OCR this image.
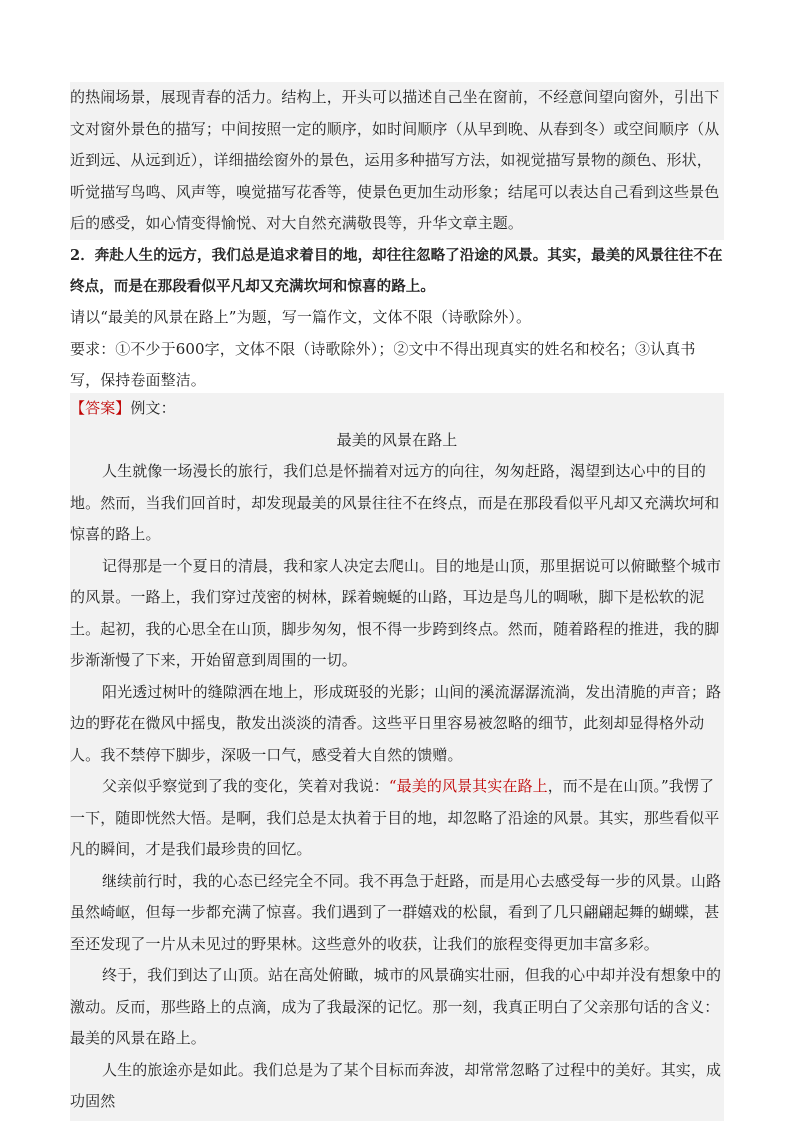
的热闹场景，展现青春的活力。结构上，开头可以描述自己坐在窗前，不经意间望向窗外，引出下文对窗外景色的描写；中间按照一定的顺序，如时间顺序（从早到晚、从春到冬）或空间顺序（从近到远、从远到近），详细描绘窗外的景色，运用多种描写方法，如视觉描写景物的颜色、形状，听觉描写鸟鸣、风声等，嗅觉描写花香等，使景色更加生动形象；结尾可以表达自己看到这些景色后的感受，如心情变得愉悦、对大自然充满敬畏等，升华文章主题。

2．奔赴人生的远方，我们总是追求着目的地，却往往忽略了沿途的风景。其实，最美的风景往往不在终点，而是在那段看似平凡却又充满坎坷和惊喜的路上。

请以“最美的风景在路上”为题，写一篇作文，文体不限（诗歌除外）。

要求：①不少于600字，文体不限（诗歌除外）；②文中不得出现真实的姓名和校名；③认真书写，保持卷面整洁。

【答案】例文：

最美的风景在路上

人生就像一场漫长的旅行，我们总是怀揣着对远方的向往，匆匆赶路，渴望到达心中的目的地。然而，当我们回首时，却发现最美的风景往往不在终点，而是在那段看似平凡却又充满坎坷和惊喜的路上。

记得那是一个夏日的清晨，我和家人决定去爬山。目的地是山顶，那里据说可以俯瞰整个城市的风景。一路上，我们穿过茂密的树林，踩着蜿蜒的山路，耳边是鸟儿的啁啾，脚下是松软的泥土。起初，我的心思全在山顶，脚步匆匆，恨不得一步跨到终点。然而，随着路程的推进，我的脚步渐渐慢了下来，开始留意到周围的一切。

阳光透过树叶的缝隙洒在地上，形成斑驳的光影；山间的溪流潺潺流淌，发出清脆的声音；路边的野花在微风中摇曳，散发出淡淡的清香。这些平日里容易被忽略的细节，此刻却显得格外动人。我不禁停下脚步，深吸一口气，感受着大自然的馈赠。

父亲似乎察觉到了我的变化，笑着对我说：“最美的风景其实在路上，而不是在山顶。”我愣了一下，随即恍然大悟。是啊，我们总是太执着于目的地，却忽略了沿途的风景。其实，那些看似平凡的瞬间，才是我们最珍贵的回忆。

继续前行时，我的心态已经完全不同。我不再急于赶路，而是用心去感受每一步的风景。山路虽然崎岖，但每一步都充满了惊喜。我们遇到了一群嬉戏的松鼠，看到了几只翩翩起舞的蝴蝶，甚至还发现了一片从未见过的野果林。这些意外的收获，让我们的旅程变得更加丰富多彩。

终于，我们到达了山顶。站在高处俯瞰，城市的风景确实壮丽，但我的心中却并没有想象中的激动。反而，那些路上的点滴，成为了我最深的记忆。那一刻，我真正明白了父亲那句话的含义：最美的风景在路上。

人生的旅途亦是如此。我们总是为了某个目标而奔波，却常常忽略了过程中的美好。其实，成功固然
